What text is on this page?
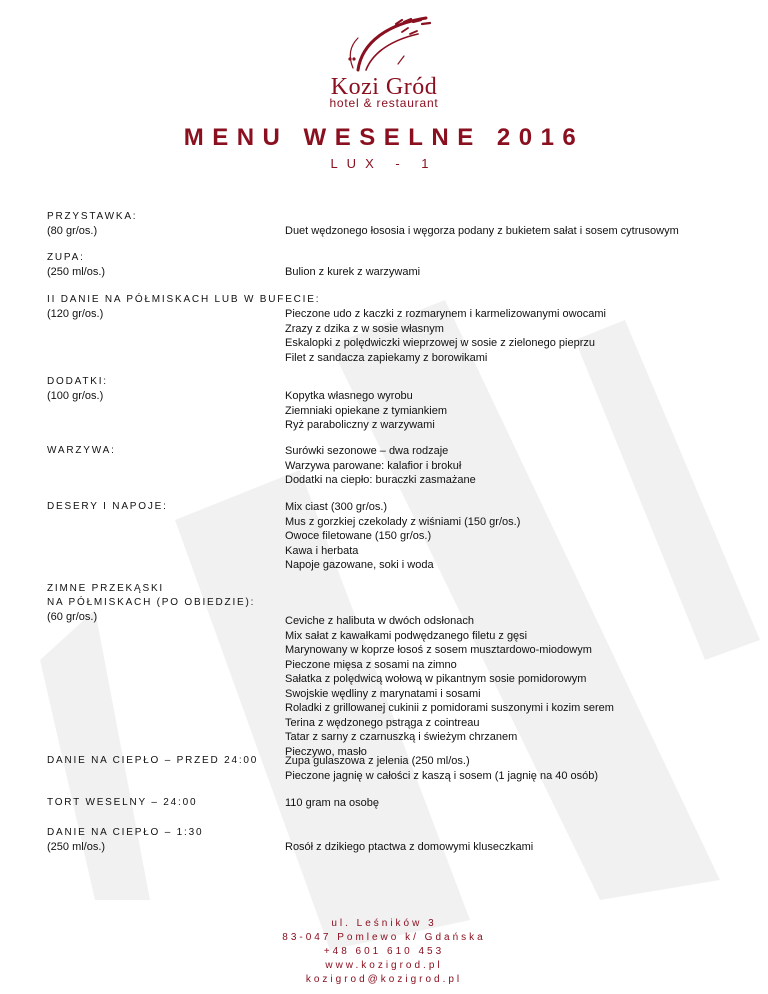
Kozi Gród
hotel & restaurant
MENU WESELNE 2016
LUX - 1
PRZYSTAWKA:
(80 gr/os.)	Duet wędzonego łososia i węgorza podany z bukietem sałat i sosem cytrusowym
ZUPA:
(250 ml/os.)	Bulion z kurek z warzywami
II DANIE NA PÓŁMISKACH LUB W BUFECIE:
(120 gr/os.)	Pieczone udo z kaczki z rozmarynem i karmelizowanymi owocami
Zrazy z dzika z w sosie własnym
Eskalopki z polędwiczki wieprzowej w sosie z zielonego pieprzu
Filet z sandacza zapiekamy z borowikami
DODATKI:
(100 gr/os.)	Kopytka własnego wyrobu
Ziemniaki opiekane z tymiankiem
Ryż paraboliczny z warzywami
WARZYWA:	Surówki sezonowe – dwa rodzaje
Warzywa parowane: kalafior i brokuł
Dodatki na ciepło: buraczki zasmażane
DESERY I NAPOJE:	Mix ciast (300 gr/os.)
Mus z gorzkiej czekolady z wiśniami (150 gr/os.)
Owoce filetowane (150 gr/os.)
Kawa i herbata
Napoje gazowane, soki i woda
ZIMNE PRZEKĄSKI
NA PÓŁMISKACH (PO OBIEDZIE):
(60 gr/os.)	Ceviche z halibuta w dwóch odsłonach
Mix sałat z kawałkami podwędzanego filetu z gęsi
Marynowany w koprze łosoś z sosem musztardowo-miodowym
Pieczone mięsa z sosami na zimno
Sałatka z polędwicą wołową w pikantnym sosie pomidorowym
Swojskie wędliny z marynatami i sosami
Roladki z grillowanej cukinii z pomidorami suszonymi i kozim serem
Terina z wędzonego pstrąga z cointreau
Tatar z sarny z czarnuszką i świeżym chrzanem
Pieczywo, masło
DANIE NA CIEPŁO – PRZED 24:00 Zupa gulaszowa z jelenia (250 ml/os.)
Pieczone jagnię w całości z kaszą i sosem (1 jagnię na 40 osób)
TORT WESELNY – 24:00	110 gram na osobę
DANIE NA CIEPŁO – 1:30
(250 ml/os.)	Rosół z dzikiego ptactwa z domowymi kluseczkami
ul. Leśników 3
83-047 Pomlewo k/ Gdańska
+48 601 610 453
www.kozigrod.pl
kozigrod@kozigrod.pl
